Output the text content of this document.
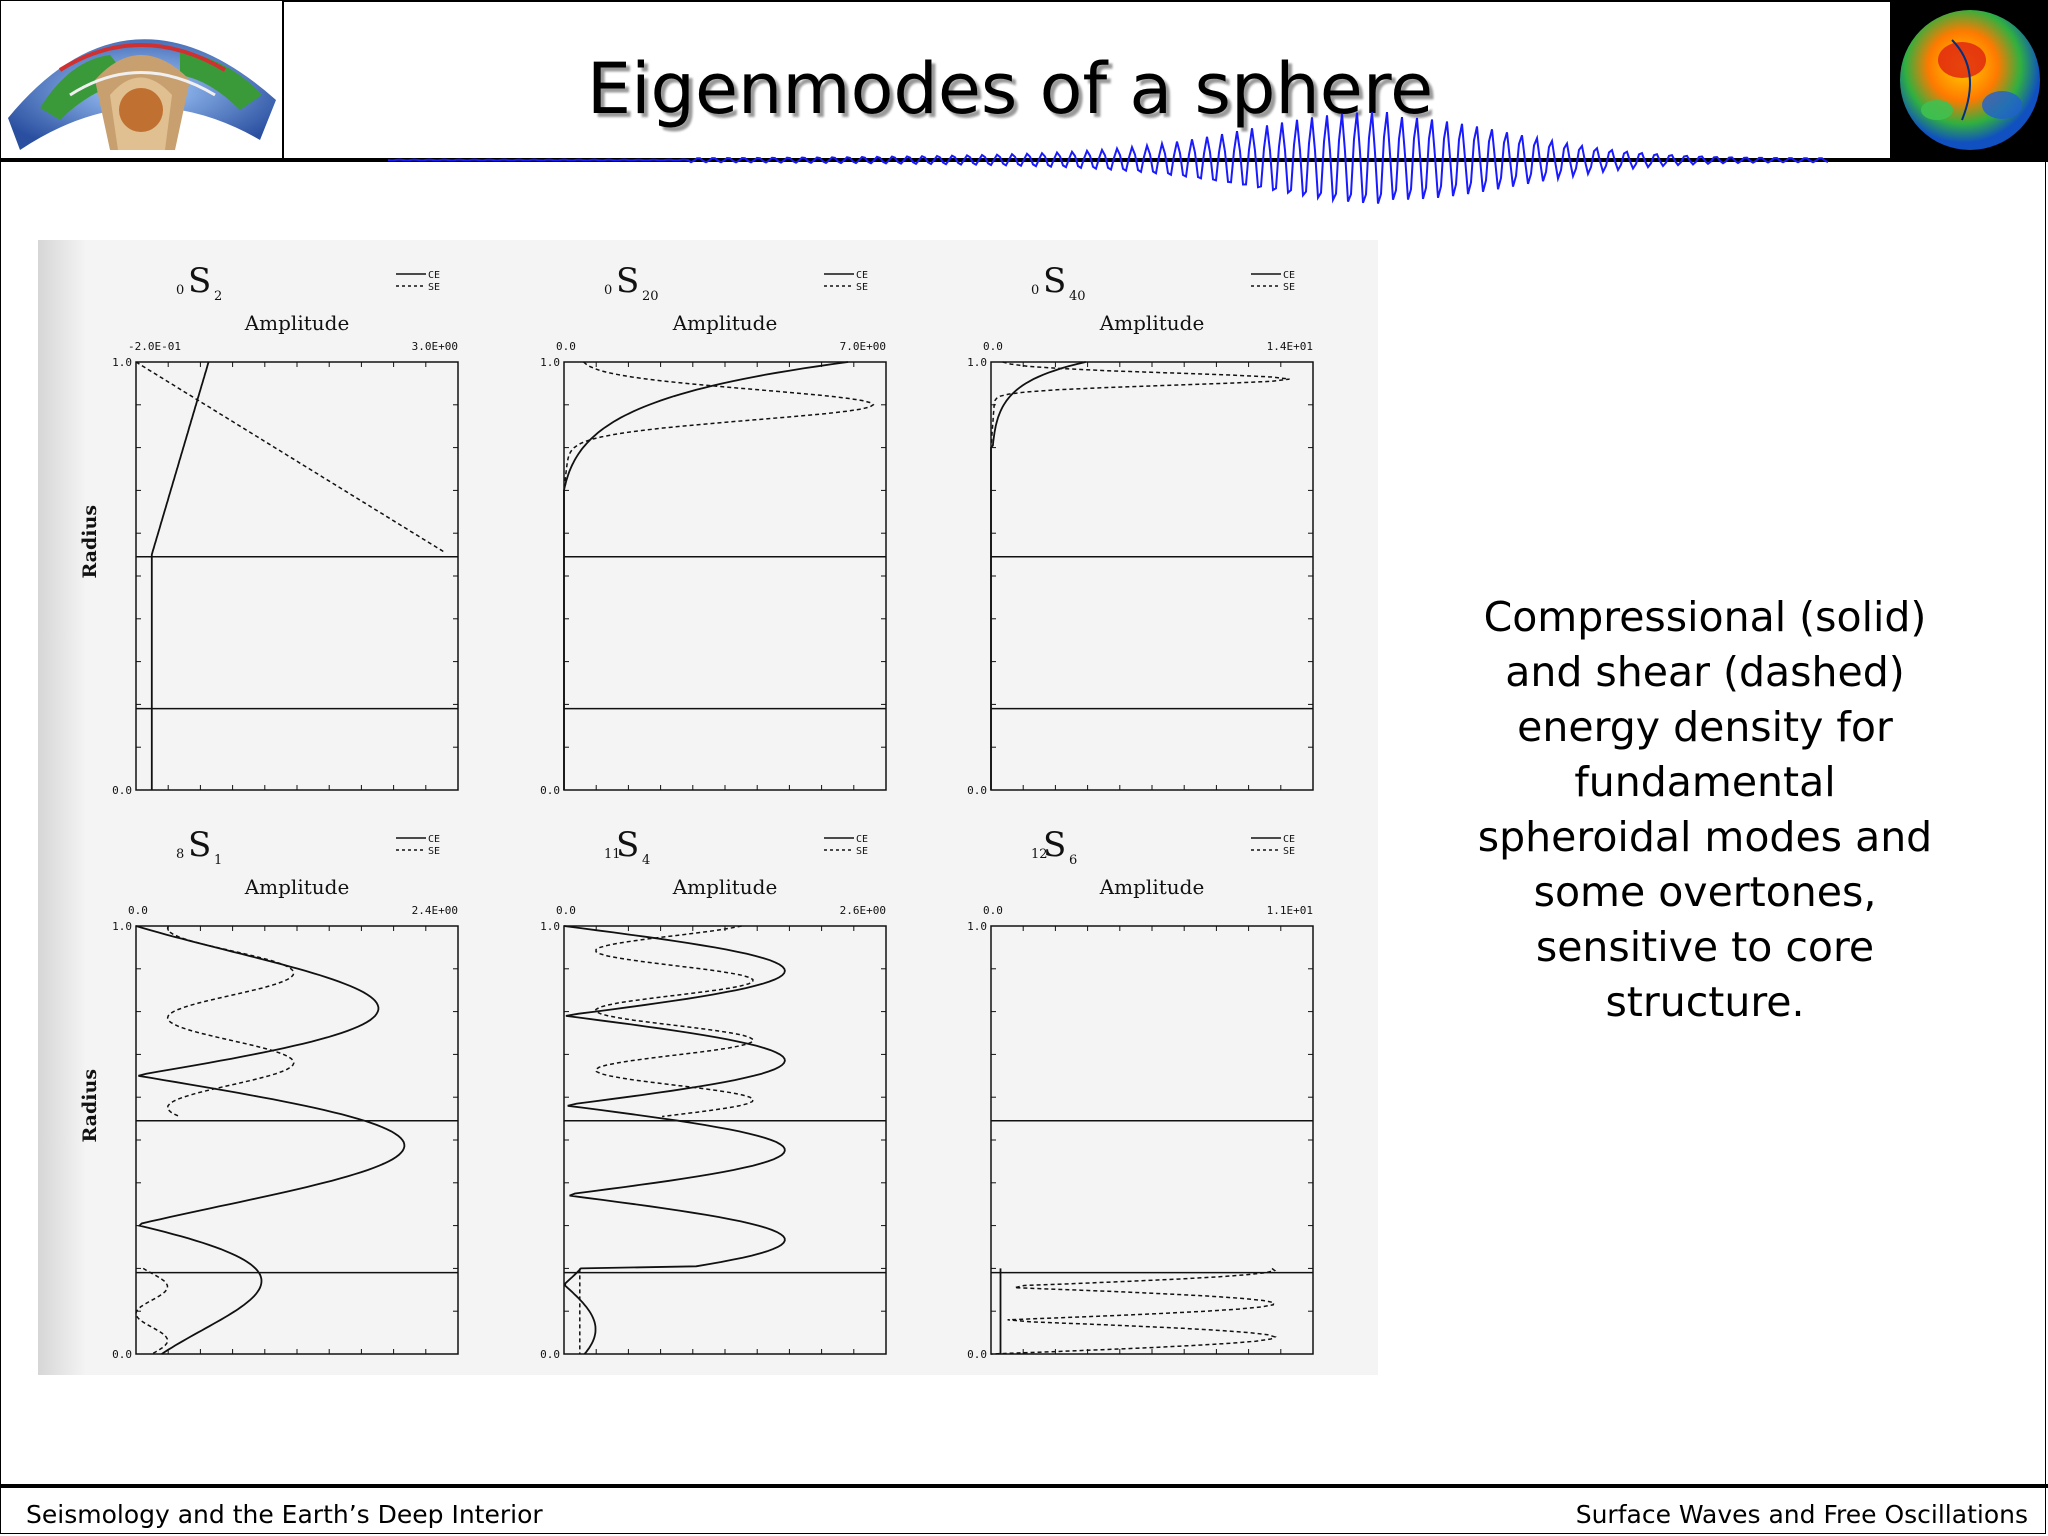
Eigenmodes of a sphere
0 S 2
CE
SE
Amplitude
-2.0E-01	3.0E+00
1.0
0.0
Radius
0 S 20
CE
SE
Amplitude
0.0	7.0E+00
1.0
0.0
0 S 40
CE
SE
Amplitude
0.0	1.4E+01
1.0
0.0
8 S 1
CE
SE
Amplitude
0.0	2.4E+00
1.0
0.0
Radius
11
S 4
CE
SE
Amplitude
0.0	2.6E+00
1.0
0.0
12
S 6
CE
SE
Amplitude
0.0	1.1E+01
1.0
0.0
Compressional (solid)
and shear (dashed)
energy density for
fundamental
spheroidal modes and
some overtones,
sensitive to core
structure.
Seismology and the Earth’s Deep Interior	Surface Waves and Free Oscillations
